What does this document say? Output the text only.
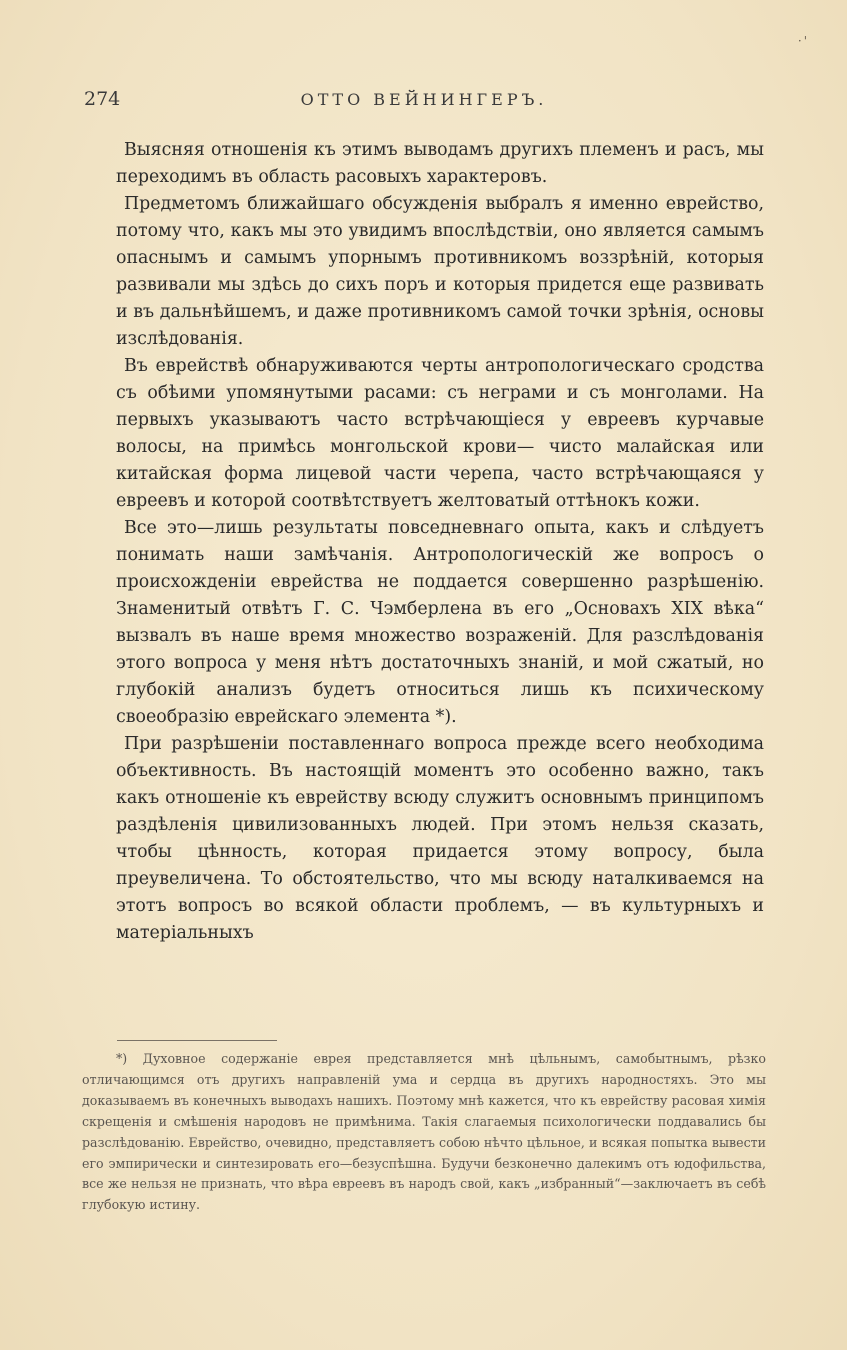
·'
274	ОТТО ВЕЙНИНГЕРЪ.

Выясняя отношенія къ этимъ выводамъ другихъ племенъ и расъ, мы переходимъ въ область расовыхъ характеровъ.

Предметомъ ближайшаго обсужденія выбралъ я именно еврейство, потому что, какъ мы это увидимъ впослѣдствіи, оно является самымъ опаснымъ и самымъ упорнымъ противникомъ воззрѣній, которыя развивали мы здѣсь до сихъ поръ и которыя придется еще развивать и въ дальнѣйшемъ, и даже противникомъ самой точки зрѣнія, основы изслѣдованія.

Въ еврействѣ обнаруживаются черты антропологическаго сродства съ обѣими упомянутыми расами: съ неграми и съ монголами. На первыхъ указываютъ часто встрѣчающіеся у евреевъ курчавые волосы, на примѣсь монгольской крови— чисто малайская или китайская форма лицевой части черепа, часто встрѣчающаяся у евреевъ и которой соотвѣтствуетъ желтоватый оттѣнокъ кожи.

Все это—лишь результаты повседневнаго опыта, какъ и слѣдуетъ понимать наши замѣчанія. Антропологическій же вопросъ о происхожденіи еврейства не поддается совершенно разрѣшенію. Знаменитый отвѣтъ Г. С. Чэмберлена въ его „Основахъ XIX вѣка“ вызвалъ въ наше время множество возраженій. Для разслѣдованія этого вопроса у меня нѣтъ достаточныхъ знаній, и мой сжатый, но глубокій анализъ будетъ относиться лишь къ психическому своеобразію еврейскаго элемента *).

При разрѣшеніи поставленнаго вопроса прежде всего необходима объективность. Въ настоящій моментъ это особенно важно, такъ какъ отношеніе къ еврейству всюду служитъ основнымъ принципомъ раздѣленія цивилизованныхъ людей. При этомъ нельзя сказать, чтобы цѣнность, которая придается этому вопросу, была преувеличена. То обстоятельство, что мы всюду наталкиваемся на этотъ вопросъ во всякой области проблемъ, — въ культурныхъ и матеріальныхъ

*) Духовное содержаніе еврея представляется мнѣ цѣльнымъ, самобытнымъ, рѣзко отличающимся отъ другихъ направленій ума и сердца въ другихъ народностяхъ. Это мы доказываемъ въ конечныхъ выводахъ нашихъ. Поэтому мнѣ кажется, что къ еврейству расовая химія скрещенія и смѣшенія народовъ не примѣнима. Такія слагаемыя психологически поддавались бы разслѣдованію. Еврейство, очевидно, представляетъ собою нѣчто цѣльное, и всякая попытка вывести его эмпирически и синтезировать его—безуспѣшна. Будучи безконечно далекимъ отъ юдофильства, все же нельзя не признать, что вѣра евреевъ въ народъ свой, какъ „избранный“—заключаетъ въ себѣ глубокую истину.
